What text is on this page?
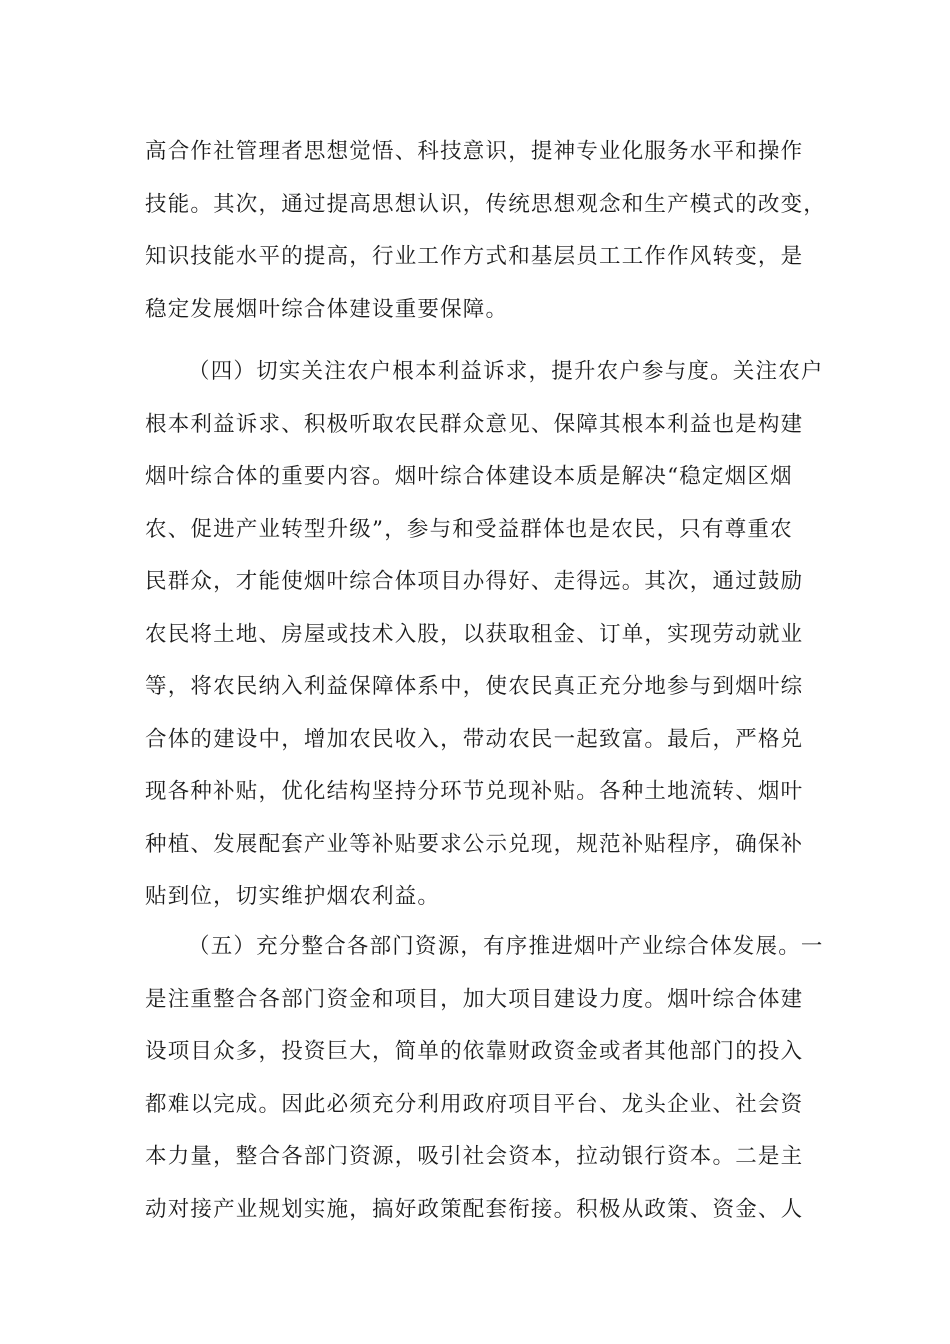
高合作社管理者思想觉悟、科技意识，提神专业化服务水平和操作
技能。其次，通过提高思想认识，传统思想观念和生产模式的改变，
知识技能水平的提高，行业工作方式和基层员工工作作风转变，是
稳定发展烟叶综合体建设重要保障。
（四）切实关注农户根本利益诉求，提升农户参与度。关注农户
根本利益诉求、积极听取农民群众意见、保障其根本利益也是构建
烟叶综合体的重要内容。烟叶综合体建设本质是解决“稳定烟区烟
农、促进产业转型升级”，参与和受益群体也是农民，只有尊重农
民群众，才能使烟叶综合体项目办得好、走得远。其次，通过鼓励
农民将土地、房屋或技术入股，以获取租金、订单，实现劳动就业
等，将农民纳入利益保障体系中，使农民真正充分地参与到烟叶综
合体的建设中，增加农民收入，带动农民一起致富。最后，严格兑
现各种补贴，优化结构坚持分环节兑现补贴。各种土地流转、烟叶
种植、发展配套产业等补贴要求公示兑现，规范补贴程序，确保补
贴到位，切实维护烟农利益。
（五）充分整合各部门资源，有序推进烟叶产业综合体发展。一
是注重整合各部门资金和项目，加大项目建设力度。烟叶综合体建
设项目众多，投资巨大，简单的依靠财政资金或者其他部门的投入
都难以完成。因此必须充分利用政府项目平台、龙头企业、社会资
本力量，整合各部门资源，吸引社会资本，拉动银行资本。二是主
动对接产业规划实施，搞好政策配套衔接。积极从政策、资金、人
